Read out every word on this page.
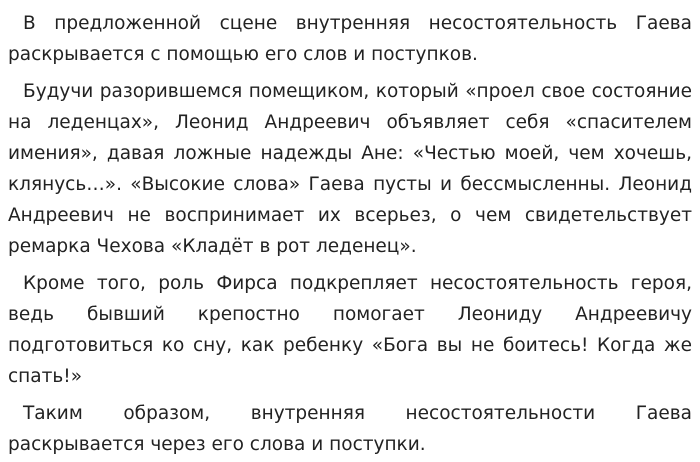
В предложенной сцене внутренняя несостоятельность Гаева раскрывается с помощью его слов и поступков.

Будучи разорившемся помещиком, который «проел свое состояние на леденцах», Леонид Андреевич объявляет себя «спасителем имения», давая ложные надежды Ане: «Честью моей, чем хочешь, клянусь…». «Высокие слова» Гаева пусты и бессмысленны. Леонид Андреевич не воспринимает их всерьез, о чем свидетельствует ремарка Чехова «Кладёт в рот леденец».

Кроме того, роль Фирса подкрепляет несостоятельность героя, ведь бывший крепостно помогает Леониду Андреевичу подготовиться ко сну, как ребенку «Бога вы не боитесь! Когда же спать!»

Таким образом, внутренняя несостоятельности Гаева раскрывается через его слова и поступки.
